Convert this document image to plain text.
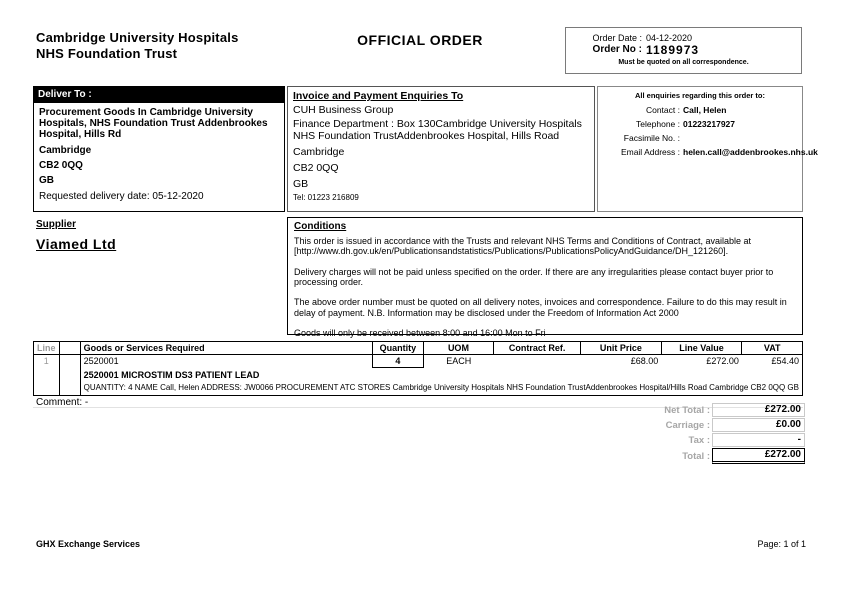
Cambridge University Hospitals
NHS Foundation Trust
OFFICIAL ORDER	Order Date : 04-12-2020
Order No : 1189973
Must be quoted on all correspondence.
Deliver To :
Procurement Goods In Cambridge University Hospitals, NHS Foundation Trust Addenbrookes Hospital, Hills Rd
Cambridge
CB2 0QQ
GB
Requested delivery date: 05-12-2020
Invoice and Payment Enquiries To
CUH Business Group
Finance Department : Box 130Cambridge University Hospitals NHS Foundation TrustAddenbrookes Hospital, Hills Road
Cambridge
CB2 0QQ
GB
Tel: 01223 216809
All enquiries regarding this order to:
Contact : Call, Helen
Telephone : 01223217927
Facsimile No. :
Email Address : helen.call@addenbrookes.nhs.uk
Supplier
Viamed Ltd
Conditions

This order is issued in accordance with the Trusts and relevant NHS Terms and Conditions of Contract, available at [http://www.dh.gov.uk/en/Publicationsandstatistics/Publications/PublicationsPolicyAndGuidance/DH_121260].

Delivery charges will not be paid unless specified on the order. If there are any irregularities please contact buyer prior to processing order.

The above order number must be quoted on all delivery notes, invoices and correspondence. Failure to do this may result in delay of payment. N.B. Information may be disclosed under the Freedom of Information Act 2000

Goods will only be received between 8:00 and 16:00 Mon to Fri

Line		Goods or Services Required	Quantity	UOM	Contract Ref.	Unit Price	Line Value	VAT
1		2520001	4	EACH		£68.00	£272.00	£54.40
		2520001 MICROSTIM DS3 PATIENT LEAD						
		QUANTITY: 4 NAME Call, Helen ADDRESS: JW0066 PROCUREMENT ATC STORES Cambridge University Hospitals NHS Foundation TrustAddenbrookes Hospital/Hills Road Cambridge CB2 0QQ GB						
Comment: -
Net Total :	£272.00
Carriage :	£0.00
Tax :	-
Total :	£272.00
GHX Exchange Services	Page: 1 of 1
